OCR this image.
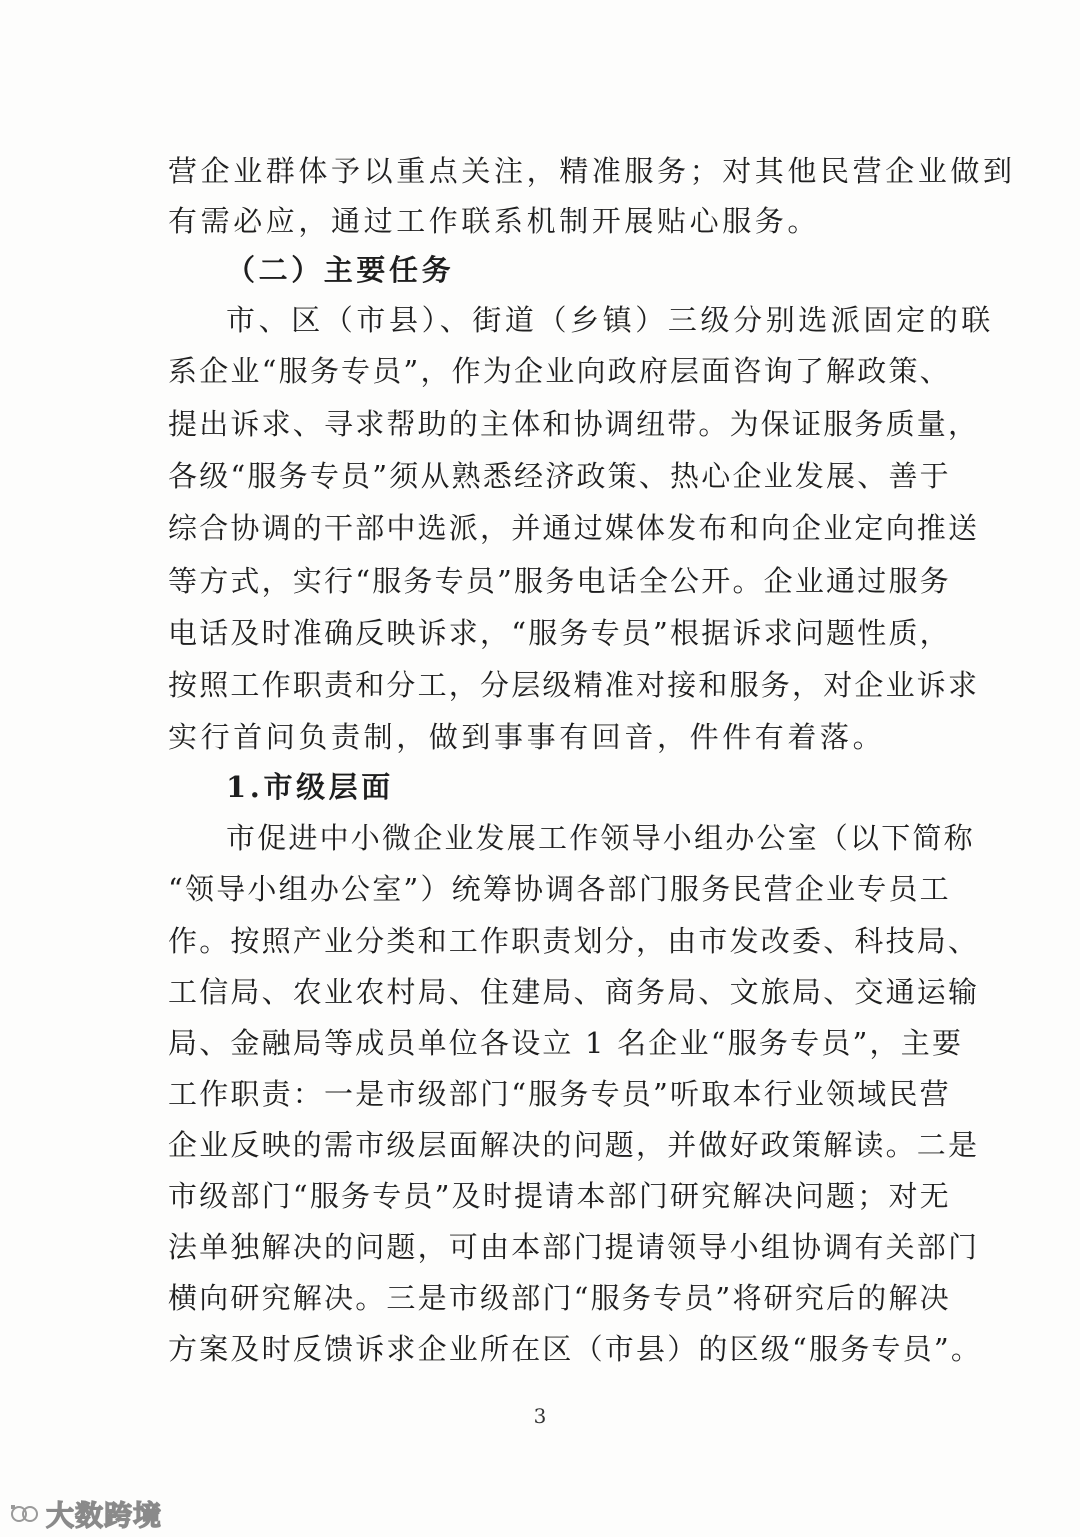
营企业群体予以重点关注，精准服务；对其他民营企业做到
有需必应，通过工作联系机制开展贴心服务。
（二）主要任务
市、区（市县）、街道（乡镇）三级分别选派固定的联
系企业“服务专员”，作为企业向政府层面咨询了解政策、
提出诉求、寻求帮助的主体和协调纽带。为保证服务质量，
各级“服务专员”须从熟悉经济政策、热心企业发展、善于
综合协调的干部中选派，并通过媒体发布和向企业定向推送
等方式，实行“服务专员”服务电话全公开。企业通过服务
电话及时准确反映诉求，“服务专员”根据诉求问题性质，
按照工作职责和分工，分层级精准对接和服务，对企业诉求
实行首问负责制，做到事事有回音，件件有着落。
1.市级层面
市促进中小微企业发展工作领导小组办公室（以下简称
“领导小组办公室”）统筹协调各部门服务民营企业专员工
作。按照产业分类和工作职责划分，由市发改委、科技局、
工信局、农业农村局、住建局、商务局、文旅局、交通运输
局、金融局等成员单位各设立 1 名企业“服务专员”，主要
工作职责：一是市级部门“服务专员”听取本行业领域民营
企业反映的需市级层面解决的问题，并做好政策解读。二是
市级部门“服务专员”及时提请本部门研究解决问题；对无
法单独解决的问题，可由本部门提请领导小组协调有关部门
横向研究解决。三是市级部门“服务专员”将研究后的解决
方案及时反馈诉求企业所在区（市县）的区级“服务专员”。
3
大数跨境
